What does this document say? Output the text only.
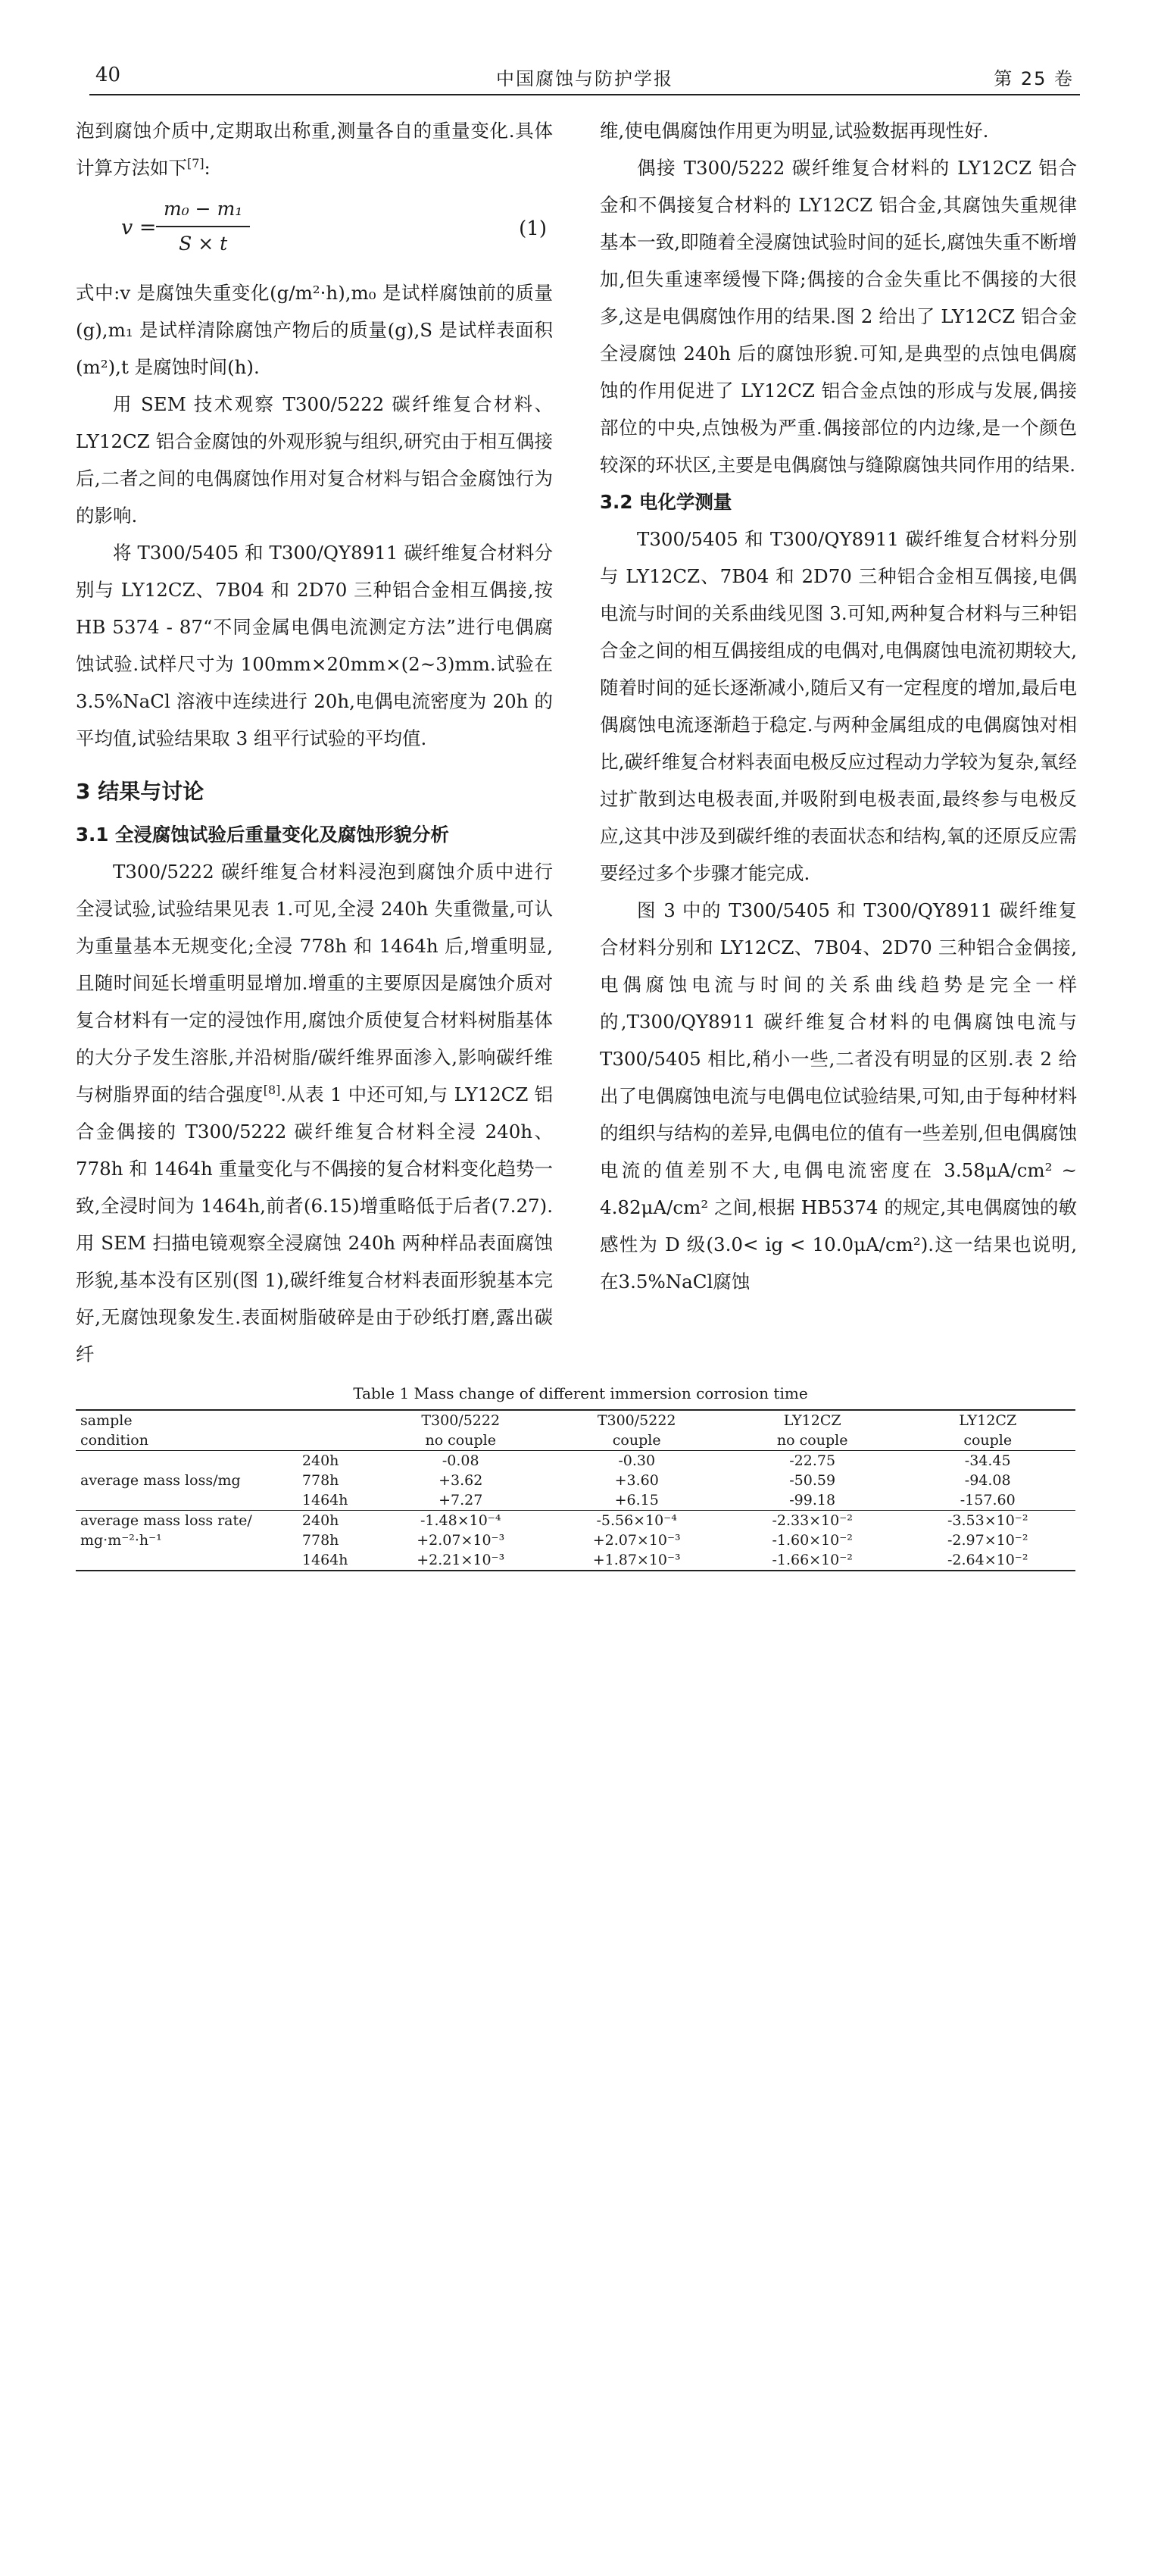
40	中国腐蚀与防护学报	第 25 卷

泡到腐蚀介质中,定期取出称重,测量各自的重量变化.具体计算方法如下[7]:

$v = \frac{\text{m₀ − m₁}}{S \times t}$	(1)

式中:v 是腐蚀失重变化(g/m²·h),m₀ 是试样腐蚀前的质量(g),m₁ 是试样清除腐蚀产物后的质量(g),S 是试样表面积(m²),t 是腐蚀时间(h).

用 SEM 技术观察 T300/5222 碳纤维复合材料、LY12CZ 铝合金腐蚀的外观形貌与组织,研究由于相互偶接后,二者之间的电偶腐蚀作用对复合材料与铝合金腐蚀行为的影响.

将 T300/5405 和 T300/QY8911 碳纤维复合材料分别与 LY12CZ、7B04 和 2D70 三种铝合金相互偶接,按 HB 5374 - 87“不同金属电偶电流测定方法”进行电偶腐蚀试验.试样尺寸为 100mm×20mm×(2~3)mm.试验在 3.5%NaCl 溶液中连续进行 20h,电偶电流密度为 20h 的平均值,试验结果取 3 组平行试验的平均值.

3 结果与讨论
3.1 全浸腐蚀试验后重量变化及腐蚀形貌分析

T300/5222 碳纤维复合材料浸泡到腐蚀介质中进行全浸试验,试验结果见表 1.可见,全浸 240h 失重微量,可认为重量基本无规变化;全浸 778h 和 1464h 后,增重明显,且随时间延长增重明显增加.增重的主要原因是腐蚀介质对复合材料有一定的浸蚀作用,腐蚀介质使复合材料树脂基体的大分子发生溶胀,并沿树脂/碳纤维界面渗入,影响碳纤维与树脂界面的结合强度[8].从表 1 中还可知,与 LY12CZ 铝合金偶接的 T300/5222 碳纤维复合材料全浸 240h、778h 和 1464h 重量变化与不偶接的复合材料变化趋势一致,全浸时间为 1464h,前者(6.15)增重略低于后者(7.27).用 SEM 扫描电镜观察全浸腐蚀 240h 两种样品表面腐蚀形貌,基本没有区别(图 1),碳纤维复合材料表面形貌基本完好,无腐蚀现象发生.表面树脂破碎是由于砂纸打磨,露出碳纤

维,使电偶腐蚀作用更为明显,试验数据再现性好.

偶接 T300/5222 碳纤维复合材料的 LY12CZ 铝合金和不偶接复合材料的 LY12CZ 铝合金,其腐蚀失重规律基本一致,即随着全浸腐蚀试验时间的延长,腐蚀失重不断增加,但失重速率缓慢下降;偶接的合金失重比不偶接的大很多,这是电偶腐蚀作用的结果.图 2 给出了 LY12CZ 铝合金全浸腐蚀 240h 后的腐蚀形貌.可知,是典型的点蚀电偶腐蚀的作用促进了 LY12CZ 铝合金点蚀的形成与发展,偶接部位的中央,点蚀极为严重.偶接部位的内边缘,是一个颜色较深的环状区,主要是电偶腐蚀与缝隙腐蚀共同作用的结果.

3.2 电化学测量

T300/5405 和 T300/QY8911 碳纤维复合材料分别与 LY12CZ、7B04 和 2D70 三种铝合金相互偶接,电偶电流与时间的关系曲线见图 3.可知,两种复合材料与三种铝合金之间的相互偶接组成的电偶对,电偶腐蚀电流初期较大,随着时间的延长逐渐减小,随后又有一定程度的增加,最后电偶腐蚀电流逐渐趋于稳定.与两种金属组成的电偶腐蚀对相比,碳纤维复合材料表面电极反应过程动力学较为复杂,氧经过扩散到达电极表面,并吸附到电极表面,最终参与电极反应,这其中涉及到碳纤维的表面状态和结构,氧的还原反应需要经过多个步骤才能完成.

图 3 中的 T300/5405 和 T300/QY8911 碳纤维复合材料分别和 LY12CZ、7B04、2D70 三种铝合金偶接,电偶腐蚀电流与时间的关系曲线趋势是完全一样的,T300/QY8911 碳纤维复合材料的电偶腐蚀电流与 T300/5405 相比,稍小一些,二者没有明显的区别.表 2 给出了电偶腐蚀电流与电偶电位试验结果,可知,由于每种材料的组织与结构的差异,电偶电位的值有一些差别,但电偶腐蚀电流的值差别不大,电偶电流密度在 3.58μA/cm² ~ 4.82μA/cm² 之间,根据 HB5374 的规定,其电偶腐蚀的敏感性为 D 级(3.0< ig < 10.0μA/cm²).这一结果也说明,在3.5%NaCl腐蚀

Table 1 Mass change of different immersion corrosion time
sample		T300/5222	T300/5222	LY12CZ	LY12CZ
condition		no couple	couple	no couple	couple
	240h	-0.08	-0.30	-22.75	-34.45
average mass loss/mg	778h	+3.62	+3.60	-50.59	-94.08
	1464h	+7.27	+6.15	-99.18	-157.60
average mass loss rate/	240h	-1.48×10⁻⁴	-5.56×10⁻⁴	-2.33×10⁻²	-3.53×10⁻²
mg·m⁻²·h⁻¹	778h	+2.07×10⁻³	+2.07×10⁻³	-1.60×10⁻²	-2.97×10⁻²
	1464h	+2.21×10⁻³	+1.87×10⁻³	-1.66×10⁻²	-2.64×10⁻²
